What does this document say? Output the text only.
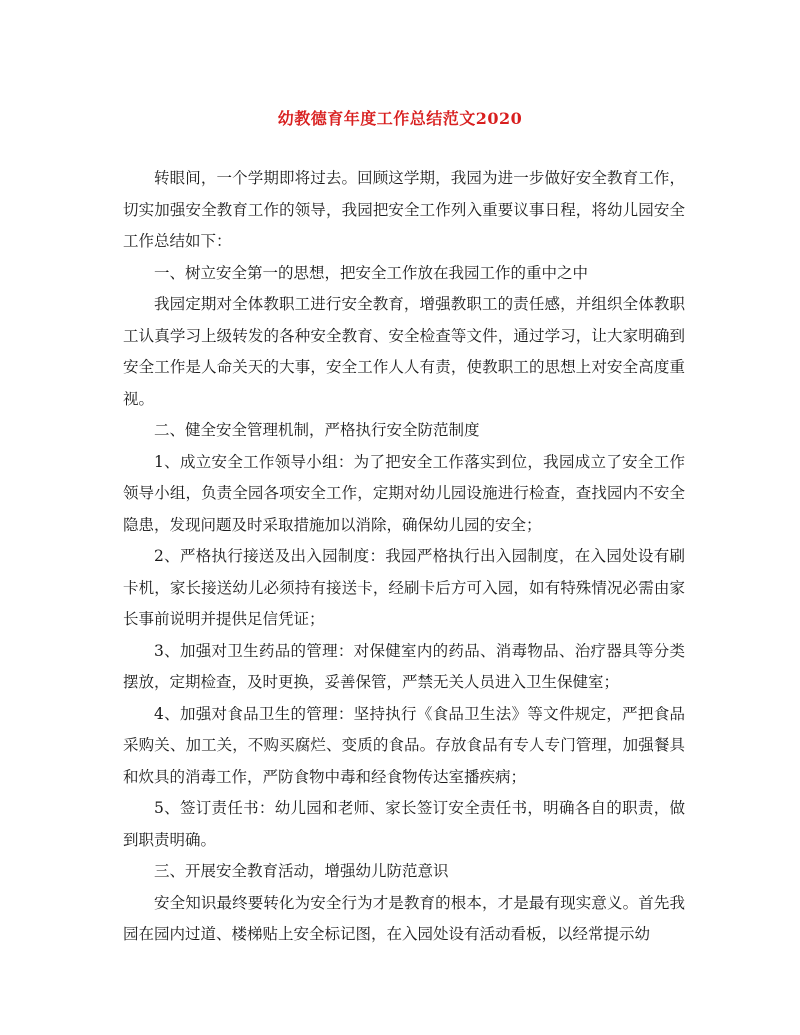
幼教德育年度工作总结范文2020

转眼间，一个学期即将过去。回顾这学期，我园为进一步做好安全教育工作，切实加强安全教育工作的领导，我园把安全工作列入重要议事日程，将幼儿园安全工作总结如下：

一、树立安全第一的思想，把安全工作放在我园工作的重中之中

我园定期对全体教职工进行安全教育，增强教职工的责任感，并组织全体教职工认真学习上级转发的各种安全教育、安全检查等文件，通过学习，让大家明确到安全工作是人命关天的大事，安全工作人人有责，使教职工的思想上对安全高度重视。

二、健全安全管理机制，严格执行安全防范制度

1、成立安全工作领导小组：为了把安全工作落实到位，我园成立了安全工作领导小组，负责全园各项安全工作，定期对幼儿园设施进行检查，查找园内不安全隐患，发现问题及时采取措施加以消除，确保幼儿园的安全；

2、严格执行接送及出入园制度：我园严格执行出入园制度，在入园处设有刷卡机，家长接送幼儿必须持有接送卡，经刷卡后方可入园，如有特殊情况必需由家长事前说明并提供足信凭证；

3、加强对卫生药品的管理：对保健室内的药品、消毒物品、治疗器具等分类摆放，定期检查，及时更换，妥善保管，严禁无关人员进入卫生保健室；

4、加强对食品卫生的管理：坚持执行《食品卫生法》等文件规定，严把食品采购关、加工关，不购买腐烂、变质的食品。存放食品有专人专门管理，加强餐具和炊具的消毒工作，严防食物中毒和经食物传达室播疾病；

5、签订责任书：幼儿园和老师、家长签订安全责任书，明确各自的职责，做到职责明确。

三、开展安全教育活动，增强幼儿防范意识

安全知识最终要转化为安全行为才是教育的根本，才是最有现实意义。首先我园在园内过道、楼梯贴上安全标记图，在入园处设有活动看板，以经常提示幼
